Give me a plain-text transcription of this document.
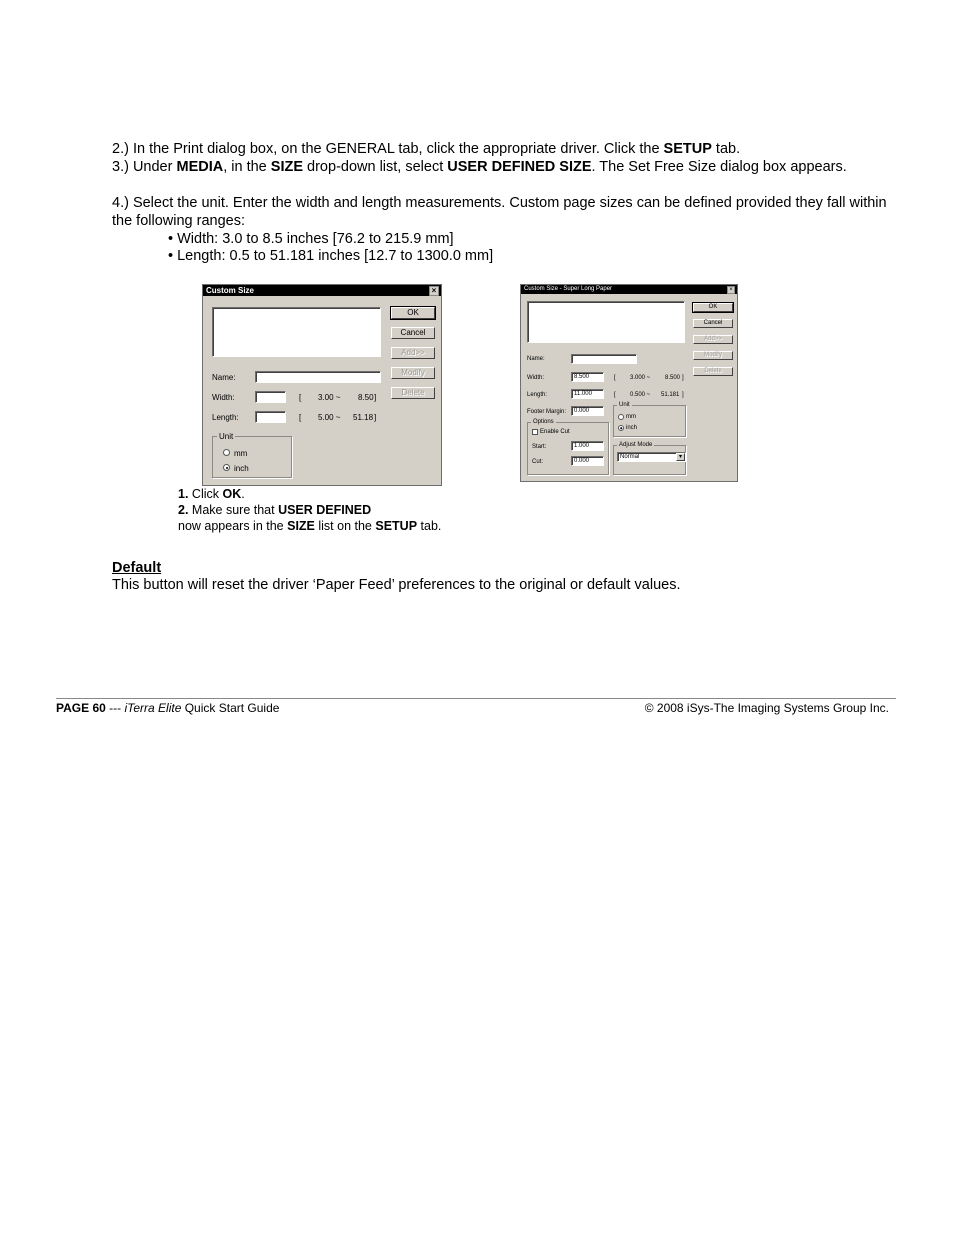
2.) In the Print dialog box, on the GENERAL tab, click the appropriate driver. Click the SETUP tab.
3.) Under MEDIA, in the SIZE drop-down list, select USER DEFINED SIZE. The Set Free Size dialog box appears.
4.) Select the unit. Enter the width and length measurements. Custom page sizes can be defined provided they fall within the following ranges:
• Width: 3.0 to 8.5 inches [76.2 to 215.9 mm]
• Length: 0.5 to 51.181 inches [12.7 to 1300.0 mm]
Custom Size	×
OK
Cancel
Add>>
Modify
Delete
Name:
Width:	[ 3.00 ~ 8.50 ]
Length:	[ 5.00 ~ 51.18 ]
Unit
mm
inch
Custom Size - Super Long Paper	×
OK
Cancel
Add>>
Modify
Delete
Name:
Width:	8.500	[ 3.000 ~ 8.500 ]
Length:	11.000	[ 0.500 ~ 51.181 ]
Footer Margin:	0.000
Options
Enable Cut
Start:	1.000
Cut:	0.000
Unit
mm
inch
Adjust Mode
Normal	▾
1. Click OK.
2. Make sure that USER DEFINED
now appears in the SIZE list on the SETUP tab.
Default
This button will reset the driver ‘Paper Feed’ preferences to the original or default values.
PAGE 60 --- iTerra Elite Quick Start Guide	© 2008 iSys-The Imaging Systems Group Inc.
